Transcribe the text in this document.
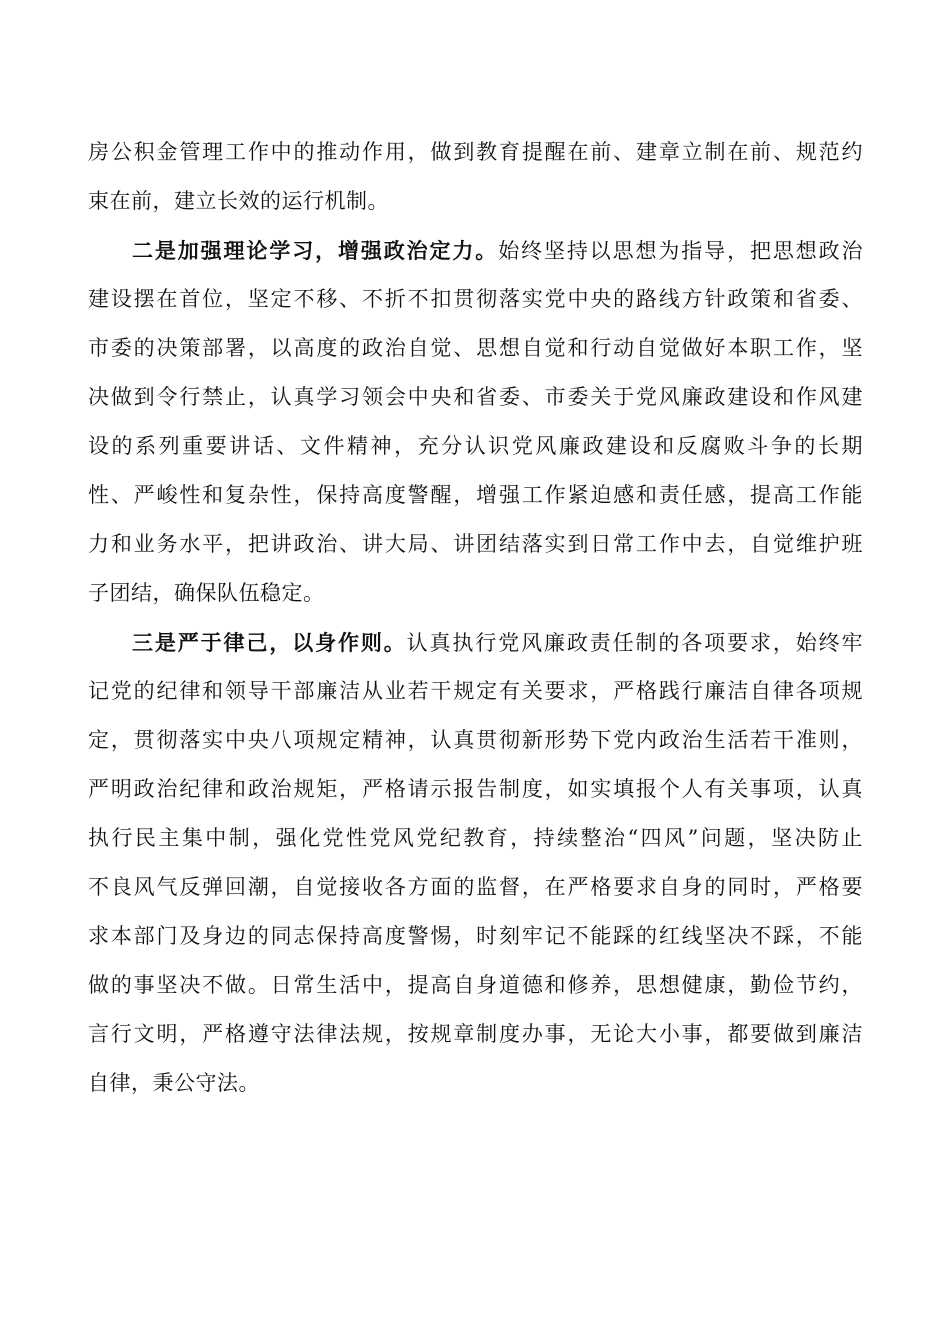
房公积金管理工作中的推动作用，做到教育提醒在前、建章立制在前、规范约
束在前，建立长效的运行机制。
二是加强理论学习，增强政治定力。始终坚持以思想为指导，把思想政治
建设摆在首位，坚定不移、不折不扣贯彻落实党中央的路线方针政策和省委、
市委的决策部署，以高度的政治自觉、思想自觉和行动自觉做好本职工作，坚
决做到令行禁止，认真学习领会中央和省委、市委关于党风廉政建设和作风建
设的系列重要讲话、文件精神，充分认识党风廉政建设和反腐败斗争的长期
性、严峻性和复杂性，保持高度警醒，增强工作紧迫感和责任感，提高工作能
力和业务水平，把讲政治、讲大局、讲团结落实到日常工作中去，自觉维护班
子团结，确保队伍稳定。
三是严于律己，以身作则。认真执行党风廉政责任制的各项要求，始终牢
记党的纪律和领导干部廉洁从业若干规定有关要求，严格践行廉洁自律各项规
定，贯彻落实中央八项规定精神，认真贯彻新形势下党内政治生活若干准则，
严明政治纪律和政治规矩，严格请示报告制度，如实填报个人有关事项，认真
执行民主集中制，强化党性党风党纪教育，持续整治“四风”问题，坚决防止
不良风气反弹回潮，自觉接收各方面的监督，在严格要求自身的同时，严格要
求本部门及身边的同志保持高度警惕，时刻牢记不能踩的红线坚决不踩，不能
做的事坚决不做。日常生活中，提高自身道德和修养，思想健康，勤俭节约，
言行文明，严格遵守法律法规，按规章制度办事，无论大小事，都要做到廉洁
自律，秉公守法。
